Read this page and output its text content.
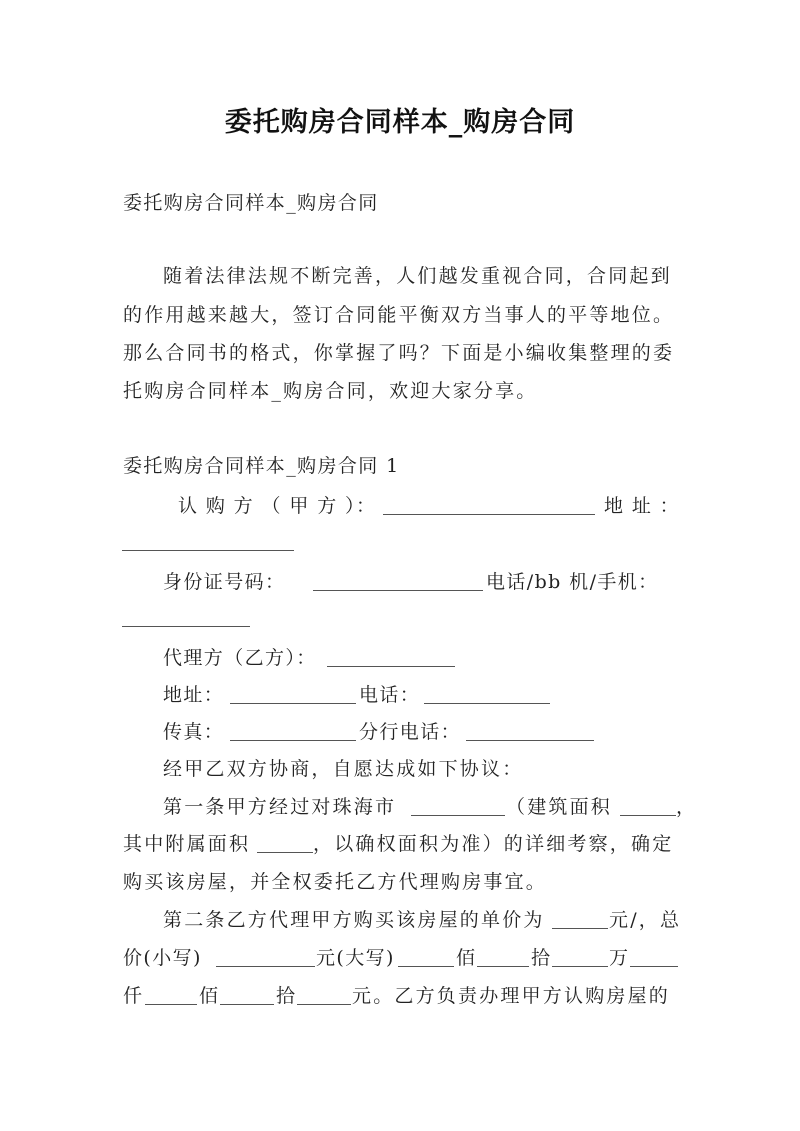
委托购房合同样本_购房合同
委托购房合同样本_购房合同
随着法律法规不断完善，人们越发重视合同，合同起到
的作用越来越大，签订合同能平衡双方当事人的平等地位。
那么合同书的格式，你掌握了吗？下面是小编收集整理的委
托购房合同样本_购房合同，欢迎大家分享。
委托购房合同样本_购房合同 1
认 购 方 （ 甲 方 ）：	地 址 ：
身份证号码：	电话/bb 机/手机：
代理方（乙方）：
地址：	电话：
传真：	分行电话：
经甲乙双方协商，自愿达成如下协议：
第一条甲方经过对珠海市	（建筑面积	，
其中附属面积	，以确权面积为准）的详细考察，确定
购买该房屋，并全权委托乙方代理购房事宜。
第二条乙方代理甲方购买该房屋的单价为	元/，总
价(小写)	元(大写)	佰	拾	万
仟	佰	拾	元。乙方负责办理甲方认购房屋的
